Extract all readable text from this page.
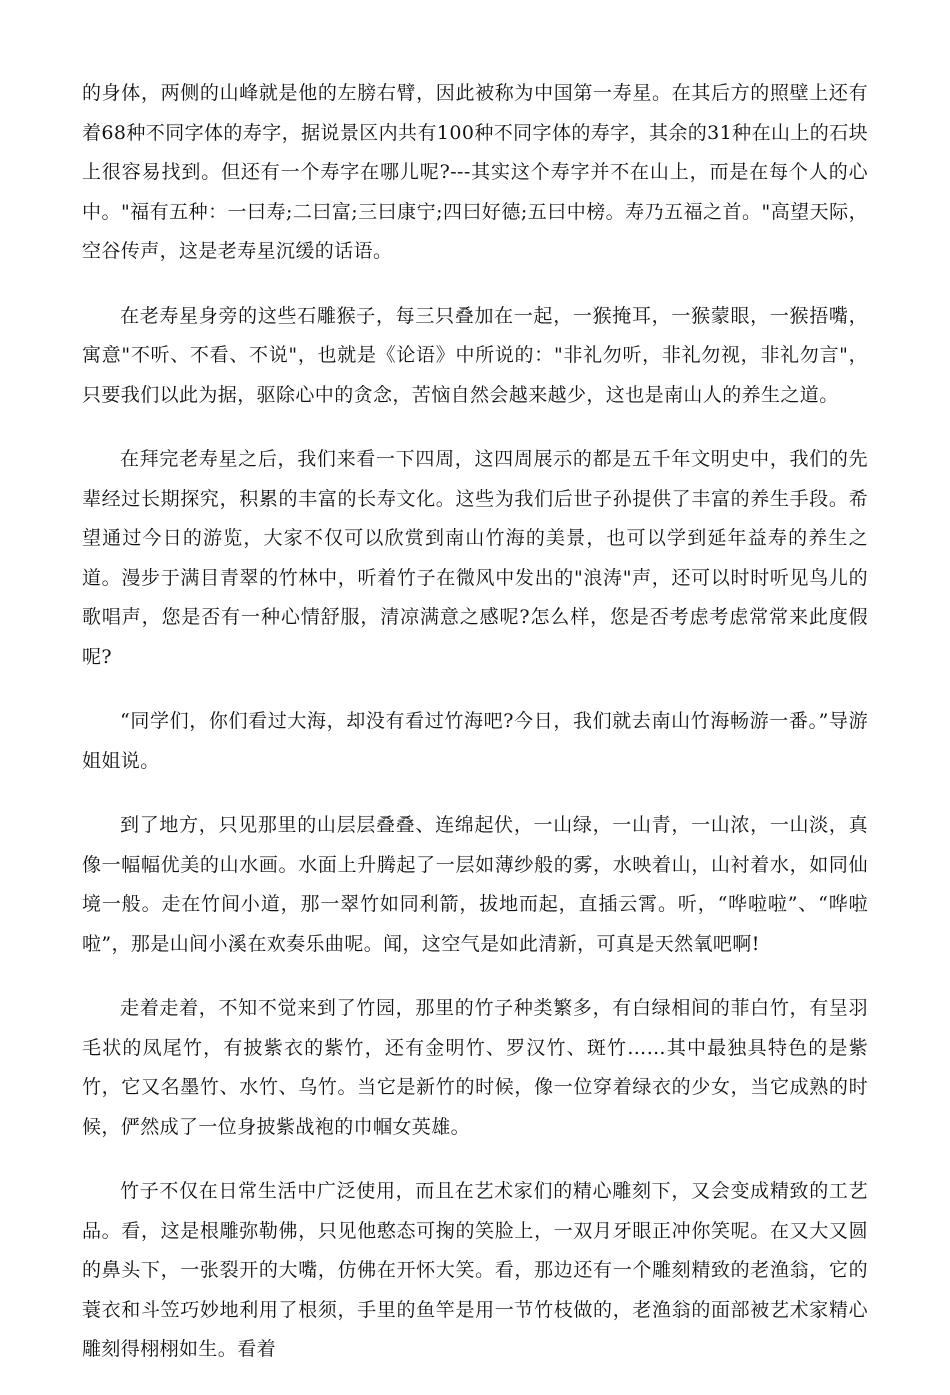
的身体，两侧的山峰就是他的左膀右臂，因此被称为中国第一寿星。在其后方的照壁上还有着68种不同字体的寿字，据说景区内共有100种不同字体的寿字，其余的31种在山上的石块上很容易找到。但还有一个寿字在哪儿呢?---其实这个寿字并不在山上，而是在每个人的心中。"福有五种：一曰寿;二曰富;三曰康宁;四曰好德;五曰中榜。寿乃五福之首。"高望天际，空谷传声，这是老寿星沉缓的话语。

在老寿星身旁的这些石雕猴子，每三只叠加在一起，一猴掩耳，一猴蒙眼，一猴捂嘴，寓意"不听、不看、不说"，也就是《论语》中所说的："非礼勿听，非礼勿视，非礼勿言"，只要我们以此为据，驱除心中的贪念，苦恼自然会越来越少，这也是南山人的养生之道。

在拜完老寿星之后，我们来看一下四周，这四周展示的都是五千年文明史中，我们的先辈经过长期探究，积累的丰富的长寿文化。这些为我们后世子孙提供了丰富的养生手段。希望通过今日的游览，大家不仅可以欣赏到南山竹海的美景，也可以学到延年益寿的养生之道。漫步于满目青翠的竹林中，听着竹子在微风中发出的"浪涛"声，还可以时时听见鸟儿的歌唱声，您是否有一种心情舒服，清凉满意之感呢?怎么样，您是否考虑考虑常常来此度假呢?

“同学们，你们看过大海，却没有看过竹海吧?今日，我们就去南山竹海畅游一番。”导游姐姐说。

到了地方，只见那里的山层层叠叠、连绵起伏，一山绿，一山青，一山浓，一山淡，真像一幅幅优美的山水画。水面上升腾起了一层如薄纱般的雾，水映着山，山衬着水，如同仙境一般。走在竹间小道，那一翠竹如同利箭，拔地而起，直插云霄。听，“哗啦啦”、“哗啦啦”，那是山间小溪在欢奏乐曲呢。闻，这空气是如此清新，可真是天然氧吧啊!

走着走着，不知不觉来到了竹园，那里的竹子种类繁多，有白绿相间的菲白竹，有呈羽毛状的凤尾竹，有披紫衣的紫竹，还有金明竹、罗汉竹、斑竹……其中最独具特色的是紫竹，它又名墨竹、水竹、乌竹。当它是新竹的时候，像一位穿着绿衣的少女，当它成熟的时候，俨然成了一位身披紫战袍的巾帼女英雄。

竹子不仅在日常生活中广泛使用，而且在艺术家们的精心雕刻下，又会变成精致的工艺品。看，这是根雕弥勒佛，只见他憨态可掬的笑脸上，一双月牙眼正冲你笑呢。在又大又圆的鼻头下，一张裂开的大嘴，仿佛在开怀大笑。看，那边还有一个雕刻精致的老渔翁，它的蓑衣和斗笠巧妙地利用了根须，手里的鱼竿是用一节竹枝做的，老渔翁的面部被艺术家精心雕刻得栩栩如生。看着
